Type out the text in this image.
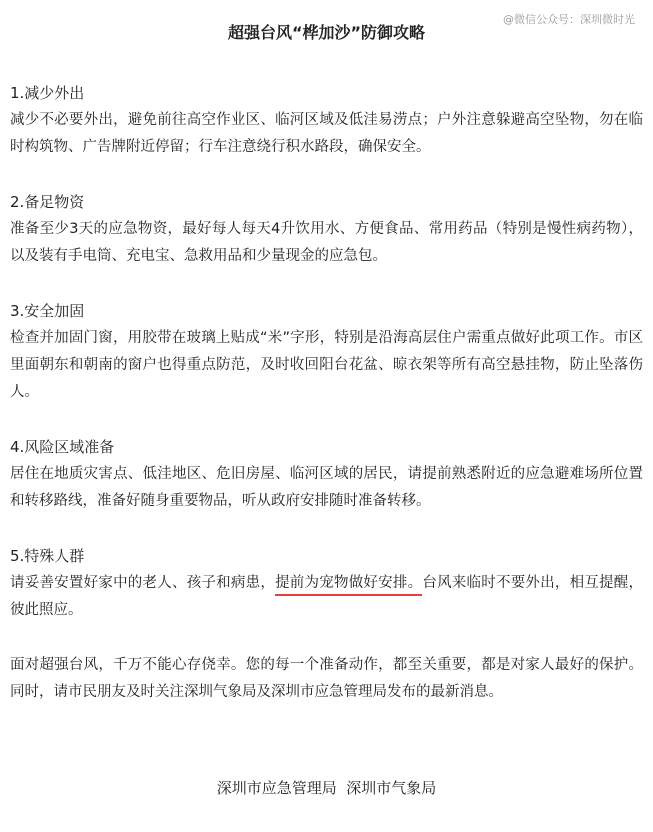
@微信公众号：深圳微时光
超强台风“桦加沙”防御攻略
1.减少外出

减少不必要外出，避免前往高空作业区、临河区域及低洼易涝点；户外注意躲避高空坠物，勿在临时构筑物、广告牌附近停留；行车注意绕行积水路段，确保安全。

2.备足物资

准备至少3天的应急物资，最好每人每天4升饮用水、方便食品、常用药品（特别是慢性病药物），以及装有手电筒、充电宝、急救用品和少量现金的应急包。

3.安全加固

检查并加固门窗，用胶带在玻璃上贴成“米”字形，特别是沿海高层住户需重点做好此项工作。市区里面朝东和朝南的窗户也得重点防范，及时收回阳台花盆、晾衣架等所有高空悬挂物，防止坠落伤人。

4.风险区域准备

居住在地质灾害点、低洼地区、危旧房屋、临河区域的居民，请提前熟悉附近的应急避难场所位置和转移路线，准备好随身重要物品，听从政府安排随时准备转移。

5.特殊人群

请妥善安置好家中的老人、孩子和病患，提前为宠物做好安排。台风来临时不要外出，相互提醒，彼此照应。

面对超强台风，千万不能心存侥幸。您的每一个准备动作，都至关重要，都是对家人最好的保护。同时，请市民朋友及时关注深圳气象局及深圳市应急管理局发布的最新消息。

深圳市应急管理局  深圳市气象局
